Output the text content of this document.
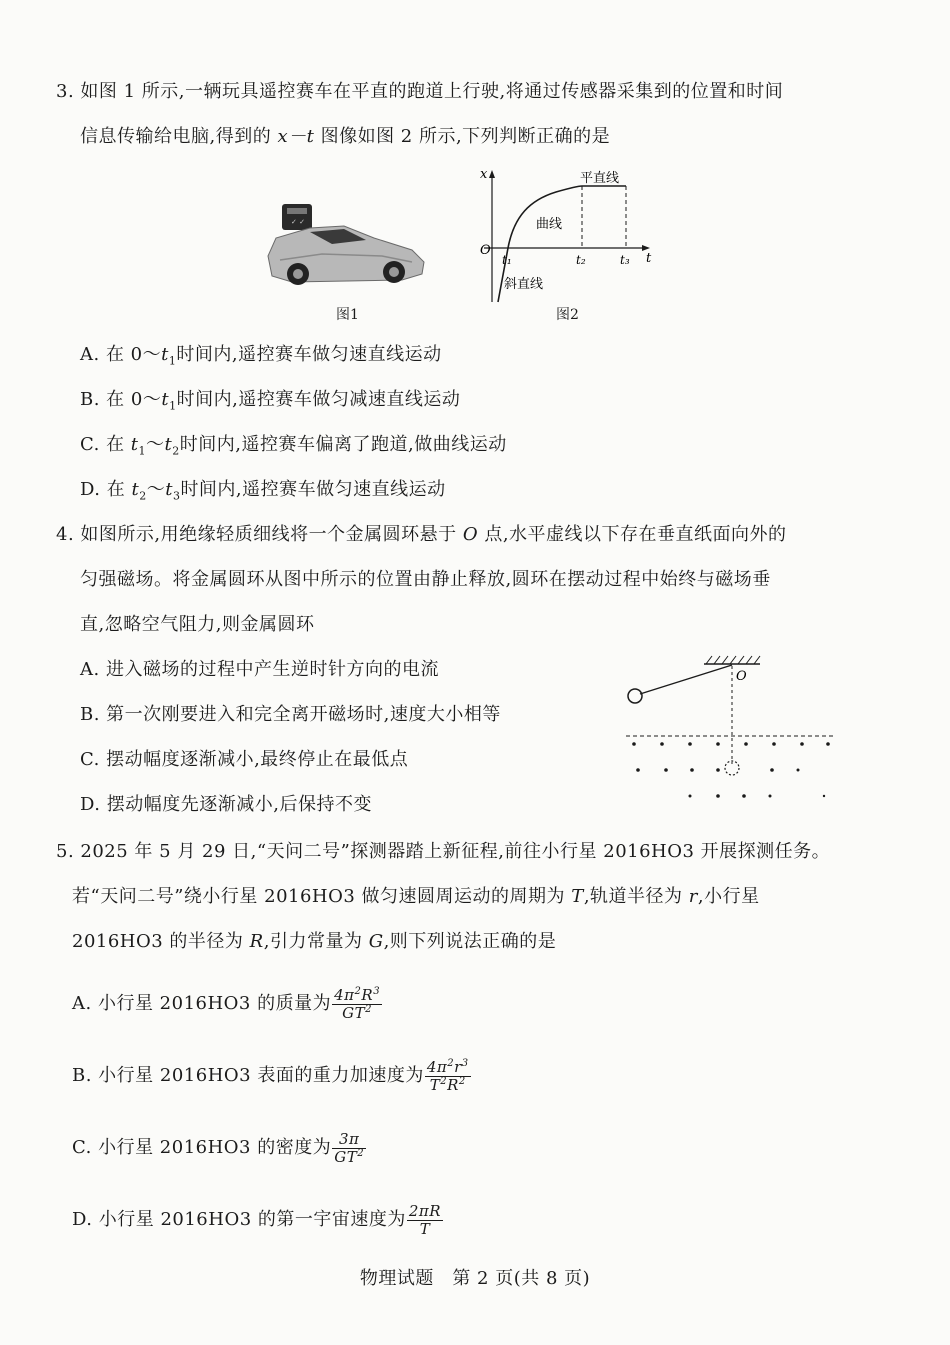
3. 如图 1 所示,一辆玩具遥控赛车在平直的跑道上行驶,将通过传感器采集到的位置和时间
信息传输给电脑,得到的 x－t 图像如图 2 所示,下列判断正确的是
✓ ✓
图1
x
t
O
t₁	t₂	t₃
平直线
曲线
斜直线
图2
A. 在 $0\sim t_1$时间内,遥控赛车做匀速直线运动
B. 在 $0\sim t_1$时间内,遥控赛车做匀减速直线运动
C. 在 $t_1\sim t_2$时间内,遥控赛车偏离了跑道,做曲线运动
D. 在 $t_2\sim t_3$时间内,遥控赛车做匀速直线运动
4. 如图所示,用绝缘轻质细线将一个金属圆环悬于 O 点,水平虚线以下存在垂直纸面向外的
匀强磁场。将金属圆环从图中所示的位置由静止释放,圆环在摆动过程中始终与磁场垂
直,忽略空气阻力,则金属圆环
A. 进入磁场的过程中产生逆时针方向的电流
B. 第一次刚要进入和完全离开磁场时,速度大小相等
C. 摆动幅度逐渐减小,最终停止在最低点
D. 摆动幅度先逐渐减小,后保持不变
O
5. 2025 年 5 月 29 日,“天问二号”探测器踏上新征程,前往小行星 2016HO3 开展探测任务。
若“天问二号”绕小行星 2016HO3 做匀速圆周运动的周期为 T,轨道半径为 r,小行星
2016HO3 的半径为 R,引力常量为 G,则下列说法正确的是
A. 小行星 2016HO3 的质量为 $\frac{4\pi^2R^3}{GT^2}$
B. 小行星 2016HO3 表面的重力加速度为 $\frac{4\pi^2r^3}{T^2R^2}$
C. 小行星 2016HO3 的密度为 $\frac{3\pi}{GT^2}$
D. 小行星 2016HO3 的第一宇宙速度为 $\frac{2\pi R}{T}$
物理试题　第 2 页(共 8 页)
